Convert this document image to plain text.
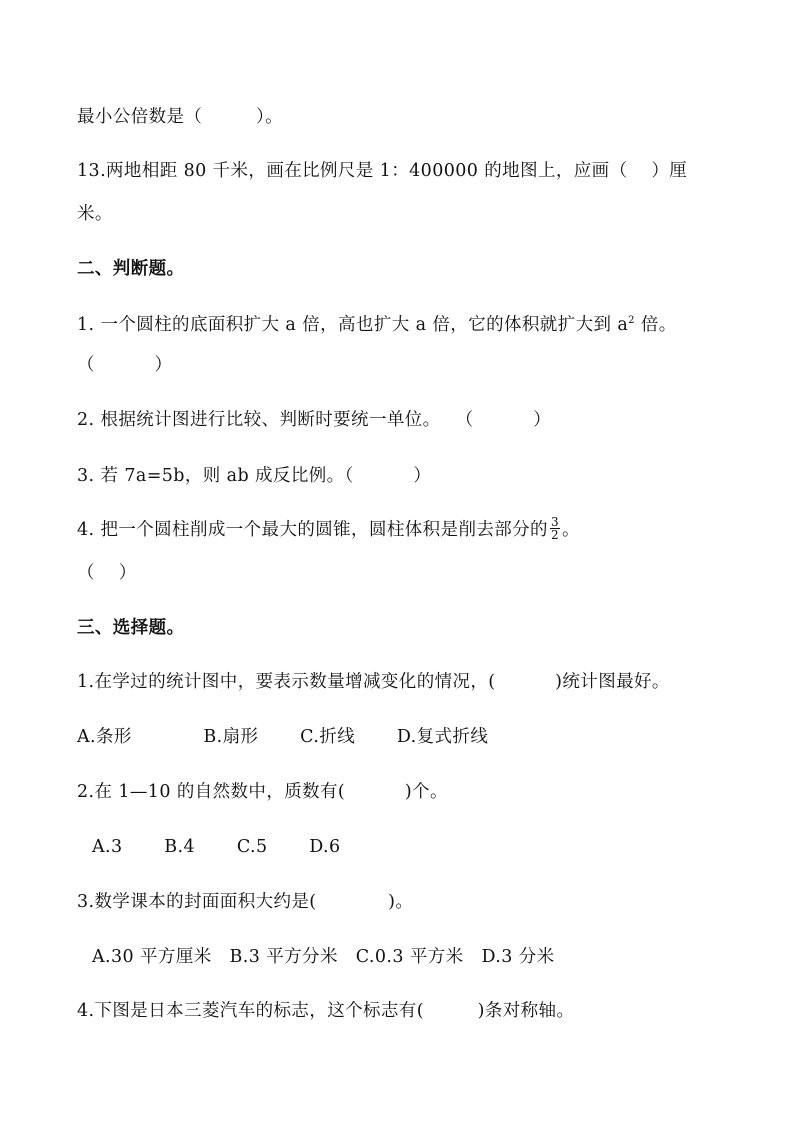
最小公倍数是（　　　）。
13.两地相距 80 千米，画在比例尺是 1：400000 的地图上，应画（　 ）厘
米。
二、判断题。
1. 一个圆柱的底面积扩大 a 倍，高也扩大 a 倍，它的体积就扩大到 $a^2$ 倍。
（　　　 ）
2. 根据统计图进行比较、判断时要统一单位。　 （　　　 ）
3. 若 7a=5b，则 ab 成反比例。（　　　 ）
4. 把一个圆柱削成一个最大的圆锥，圆柱体积是削去部分的 $\frac{3}{2}$ 。
（　 ）
三、选择题。
1.在学过的统计图中，要表示数量增减变化的情况，(　　　 )统计图最好。
A.条形　　　　B.扇形　　 C.折线　　 D.复式折线
2.在 1—10 的自然数中，质数有(　　　 )个。
A.3　　 B.4　　 C.5　　 D.6
3.数学课本的封面面积大约是(　　　　)。
A.30 平方厘米　B.3 平方分米　C.0.3 平方米　D.3 分米
4.下图是日本三菱汽车的标志，这个标志有(　　　)条对称轴。
